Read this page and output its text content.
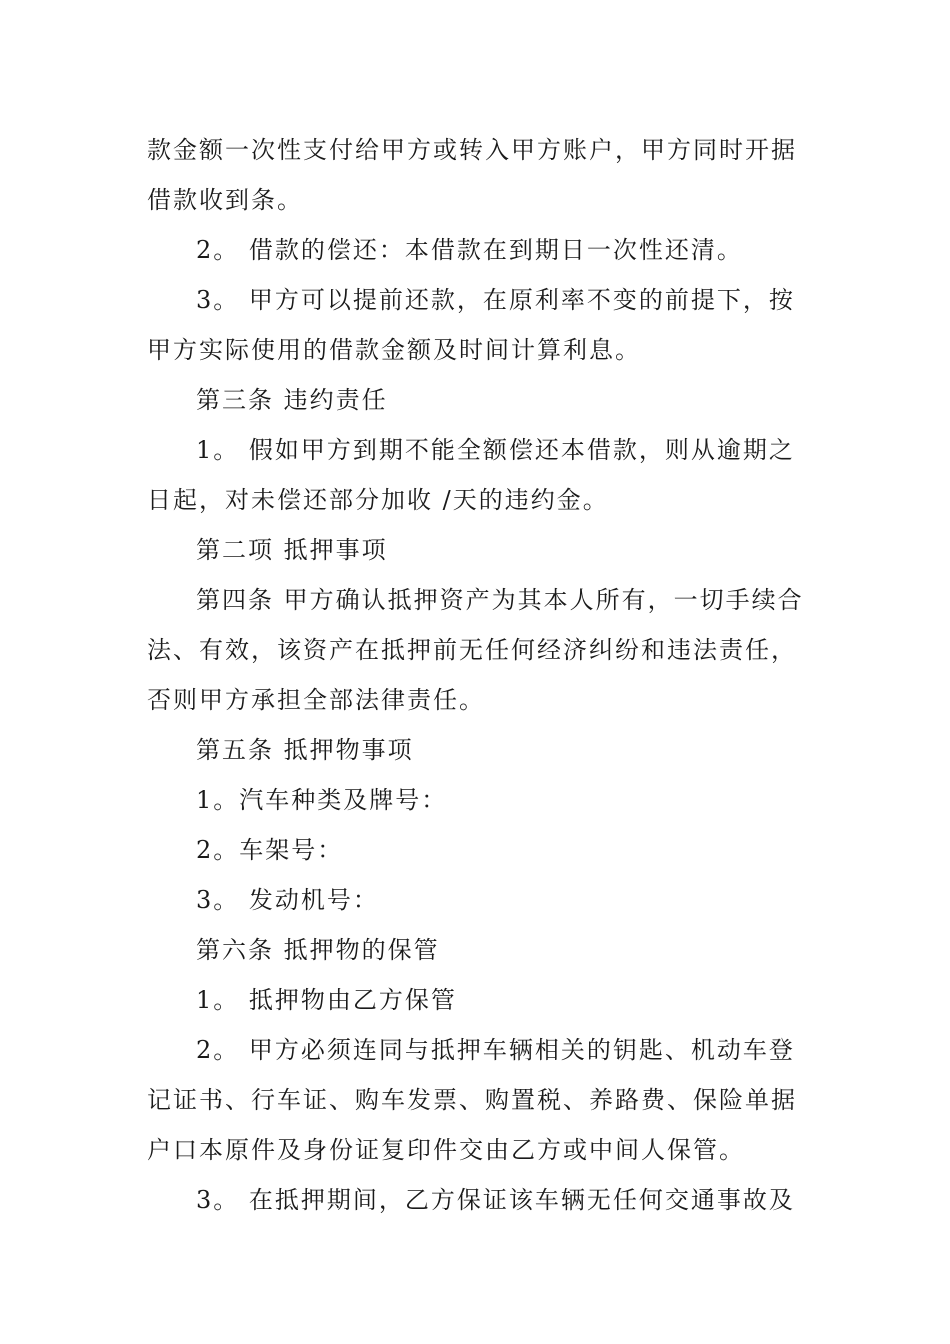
款金额一次性支付给甲方或转入甲方账户，甲方同时开据
借款收到条。
2。 借款的偿还：本借款在到期日一次性还清。
3。 甲方可以提前还款，在原利率不变的前提下，按
甲方实际使用的借款金额及时间计算利息。
第三条 违约责任
1。 假如甲方到期不能全额偿还本借款，则从逾期之
日起，对未偿还部分加收 /天的违约金。
第二项 抵押事项
第四条 甲方确认抵押资产为其本人所有，一切手续合
法、有效，该资产在抵押前无任何经济纠纷和违法责任，
否则甲方承担全部法律责任。
第五条 抵押物事项
1。汽车种类及牌号：
2。车架号：
3。 发动机号：
第六条 抵押物的保管
1。 抵押物由乙方保管
2。 甲方必须连同与抵押车辆相关的钥匙、机动车登
记证书、行车证、购车发票、购置税、养路费、保险单据
户口本原件及身份证复印件交由乙方或中间人保管。
3。 在抵押期间，乙方保证该车辆无任何交通事故及
